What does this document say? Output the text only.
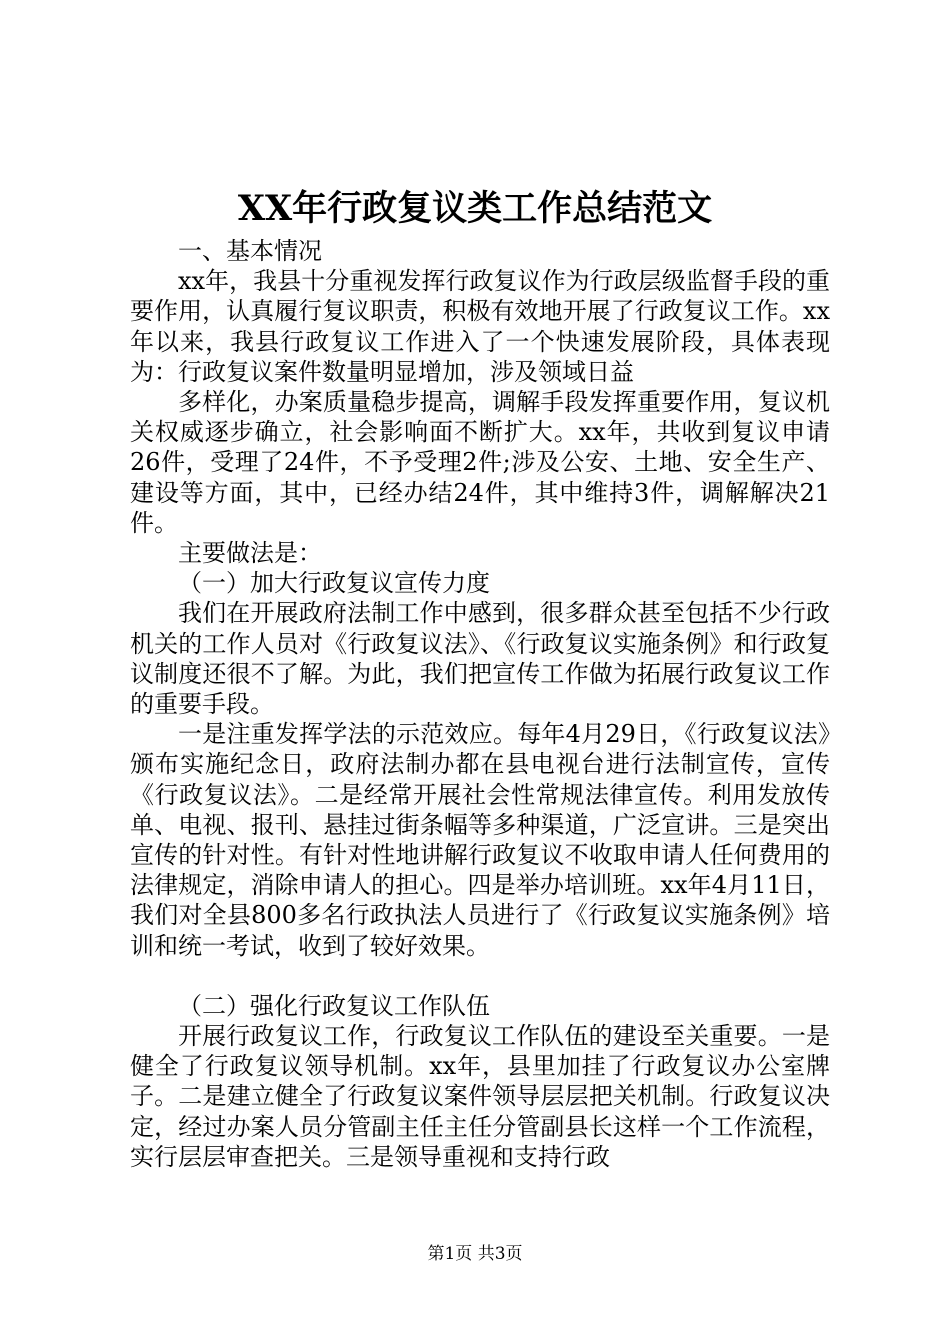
XX年行政复议类工作总结范文

一、基本情况

xx年，我县十分重视发挥行政复议作为行政层级监督手段的重要作用，认真履行复议职责，积极有效地开展了行政复议工作。xx年以来，我县行政复议工作进入了一个快速发展阶段，具体表现为：行政复议案件数量明显增加，涉及领域日益

多样化，办案质量稳步提高，调解手段发挥重要作用，复议机关权威逐步确立，社会影响面不断扩大。xx年，共收到复议申请26件，受理了24件，不予受理2件;涉及公安、土地、安全生产、建设等方面，其中，已经办结24件，其中维持3件，调解解决21件。

主要做法是：

（一）加大行政复议宣传力度

我们在开展政府法制工作中感到，很多群众甚至包括不少行政机关的工作人员对《行政复议法》、《行政复议实施条例》和行政复议制度还很不了解。为此，我们把宣传工作做为拓展行政复议工作的重要手段。

一是注重发挥学法的示范效应。每年4月29日，《行政复议法》颁布实施纪念日，政府法制办都在县电视台进行法制宣传，宣传《行政复议法》。二是经常开展社会性常规法律宣传。利用发放传单、电视、报刊、悬挂过街条幅等多种渠道，广泛宣讲。三是突出宣传的针对性。有针对性地讲解行政复议不收取申请人任何费用的法律规定，消除申请人的担心。四是举办培训班。xx年4月11日，我们对全县800多名行政执法人员进行了《行政复议实施条例》培训和统一考试，收到了较好效果。

（二）强化行政复议工作队伍

开展行政复议工作，行政复议工作队伍的建设至关重要。一是健全了行政复议领导机制。xx年，县里加挂了行政复议办公室牌子。二是建立健全了行政复议案件领导层层把关机制。行政复议决定，经过办案人员分管副主任主任分管副县长这样一个工作流程，实行层层审查把关。三是领导重视和支持行政

第1页 共3页
